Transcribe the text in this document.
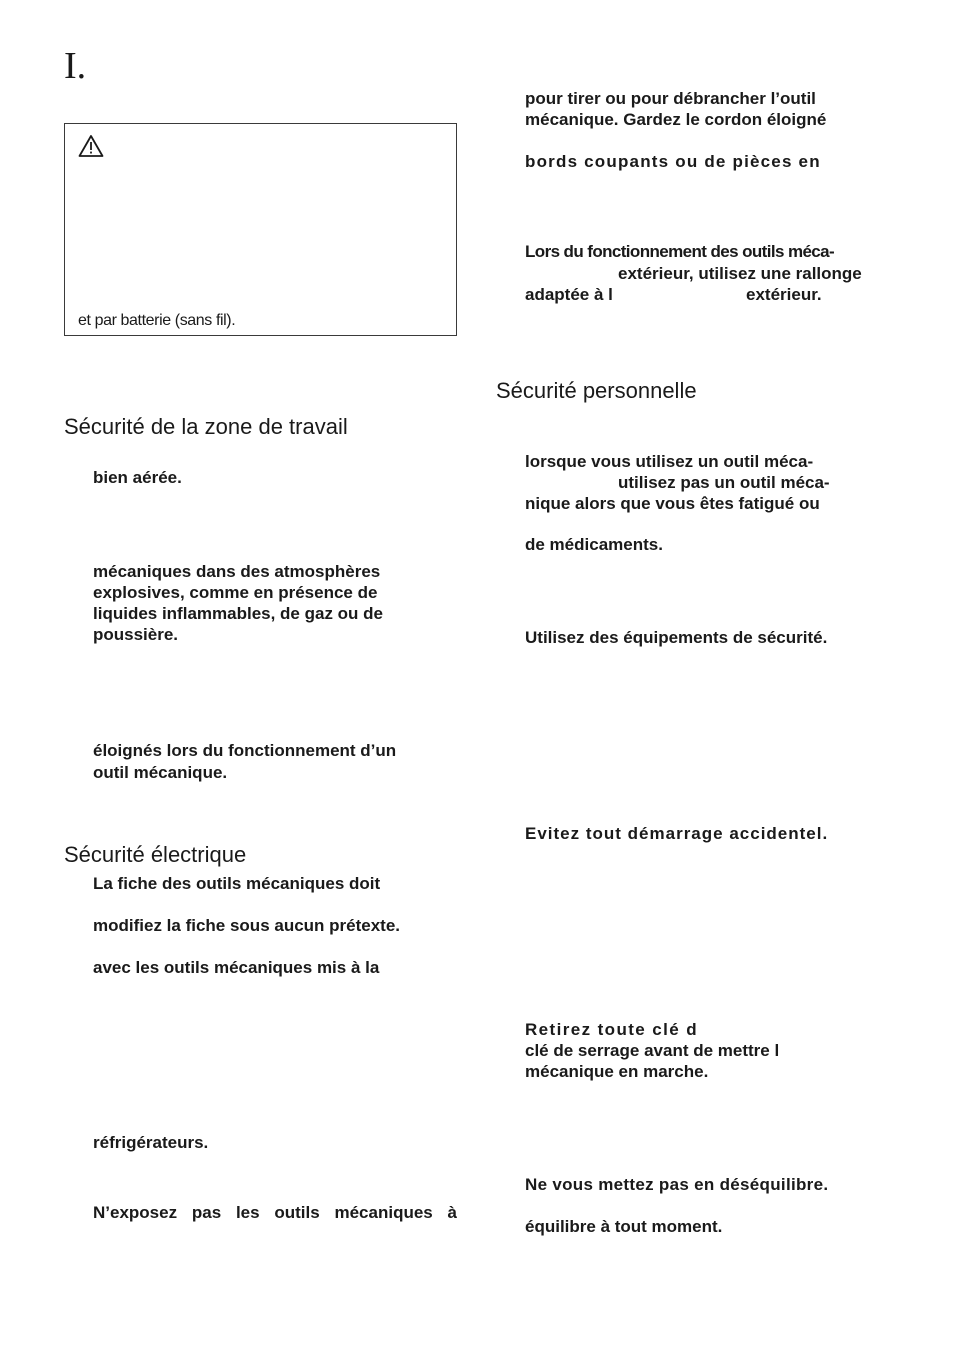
I.
et par batterie (sans fil).
Sécurité de la zone de travail
bien aérée.
mécaniques dans des atmosphères
explosives, comme en présence de
liquides inflammables, de gaz ou de
poussière.
éloignés lors du fonctionnement d’un
outil mécanique.
Sécurité électrique
La fiche des outils mécaniques doit
modifiez la fiche sous aucun prétexte.
avec les outils mécaniques mis à la
réfrigérateurs.
N’exposez pas les outils mécaniques à
pour tirer ou pour débrancher l’outil
mécanique. Gardez le cordon éloigné
bords coupants ou de pièces en
Lors du fonctionnement des outils méca-
extérieur, utilisez une rallonge
adaptée à l	extérieur.
Sécurité personnelle
lorsque vous utilisez un outil méca-
utilisez pas un outil méca-
nique alors que vous êtes fatigué ou
de médicaments.
Utilisez des équipements de sécurité.
Evitez tout démarrage accidentel.
Retirez toute clé d
clé de serrage avant de mettre l
mécanique en marche.
Ne vous mettez pas en déséquilibre.
équilibre à tout moment.
